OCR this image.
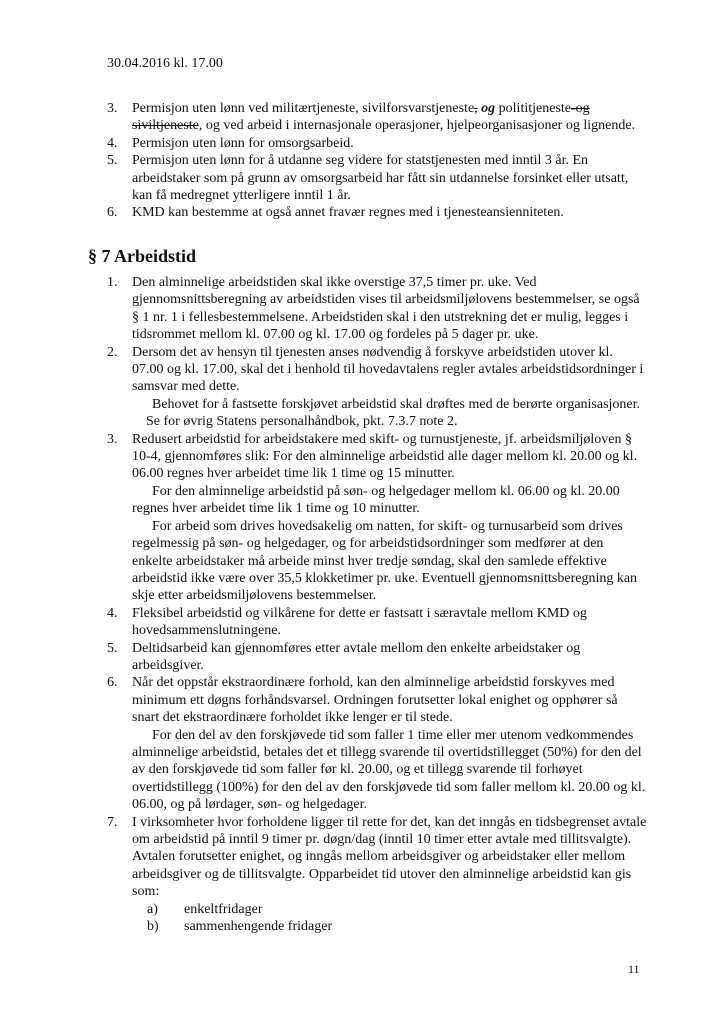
30.04.2016 kl. 17.00
3. Permisjon uten lønn ved militærtjeneste, sivilforsvarstjeneste, og polititjeneste-og siviltjeneste, og ved arbeid i internasjonale operasjoner, hjelpeorganisasjoner og lignende.

4. Permisjon uten lønn for omsorgsarbeid.

5. Permisjon uten lønn for å utdanne seg videre for statstjenesten med inntil 3 år. En arbeidstaker som på grunn av omsorgsarbeid har fått sin utdannelse forsinket eller utsatt, kan få medregnet ytterligere inntil 1 år.

6. KMD kan bestemme at også annet fravær regnes med i tjenesteansienniteten.

§ 7 Arbeidstid
1. Den alminnelige arbeidstiden skal ikke overstige 37,5 timer pr. uke. Ved gjennomsnittsberegning av arbeidstiden vises til arbeidsmiljølovens bestemmelser, se også § 1 nr. 1 i fellesbestemmelsene. Arbeidstiden skal i den utstrekning det er mulig, legges i tidsrommet mellom kl. 07.00 og kl. 17.00 og fordeles på 5 dager pr. uke.

2. Dersom det av hensyn til tjenesten anses nødvendig å forskyve arbeidstiden utover kl. 07.00 og kl. 17.00, skal det i henhold til hovedavtalens regler avtales arbeidstidsordninger i samsvar med dette.

Behovet for å fastsette forskjøvet arbeidstid skal drøftes med de berørte organisasjoner.

Se for øvrig Statens personalhåndbok, pkt. 7.3.7 note 2.

3. Redusert arbeidstid for arbeidstakere med skift- og turnustjeneste, jf. arbeidsmiljøloven § 10-4, gjennomføres slik: For den alminnelige arbeidstid alle dager mellom kl. 20.00 og kl. 06.00 regnes hver arbeidet time lik 1 time og 15 minutter.

For den alminnelige arbeidstid på søn- og helgedager mellom kl. 06.00 og kl. 20.00 regnes hver arbeidet time lik 1 time og 10 minutter.

For arbeid som drives hovedsakelig om natten, for skift- og turnusarbeid som drives regelmessig på søn- og helgedager, og for arbeidstidsordninger som medfører at den enkelte arbeidstaker må arbeide minst hver tredje søndag, skal den samlede effektive arbeidstid ikke være over 35,5 klokketimer pr. uke. Eventuell gjennomsnittsberegning kan skje etter arbeidsmiljølovens bestemmelser.

4. Fleksibel arbeidstid og vilkårene for dette er fastsatt i særavtale mellom KMD og hovedsammenslutningene.

5. Deltidsarbeid kan gjennomføres etter avtale mellom den enkelte arbeidstaker og arbeidsgiver.

6. Når det oppstår ekstraordinære forhold, kan den alminnelige arbeidstid forskyves med minimum ett døgns forhåndsvarsel. Ordningen forutsetter lokal enighet og opphører så snart det ekstraordinære forholdet ikke lenger er til stede.

For den del av den forskjøvede tid som faller 1 time eller mer utenom vedkommendes alminnelige arbeidstid, betales det et tillegg svarende til overtidstillegget (50%) for den del av den forskjøvede tid som faller før kl. 20.00, og et tillegg svarende til forhøyet overtidstillegg (100%) for den del av den forskjøvede tid som faller mellom kl. 20.00 og kl. 06.00, og på lørdager, søn- og helgedager.

7. I virksomheter hvor forholdene ligger til rette for det, kan det inngås en tidsbegrenset avtale om arbeidstid på inntil 9 timer pr. døgn/dag (inntil 10 timer etter avtale med tillitsvalgte). Avtalen forutsetter enighet, og inngås mellom arbeidsgiver og arbeidstaker eller mellom arbeidsgiver og de tillitsvalgte. Opparbeidet tid utover den alminnelige arbeidstid kan gis som:

a) enkeltfridager
b) sammenhengende fridager
11
